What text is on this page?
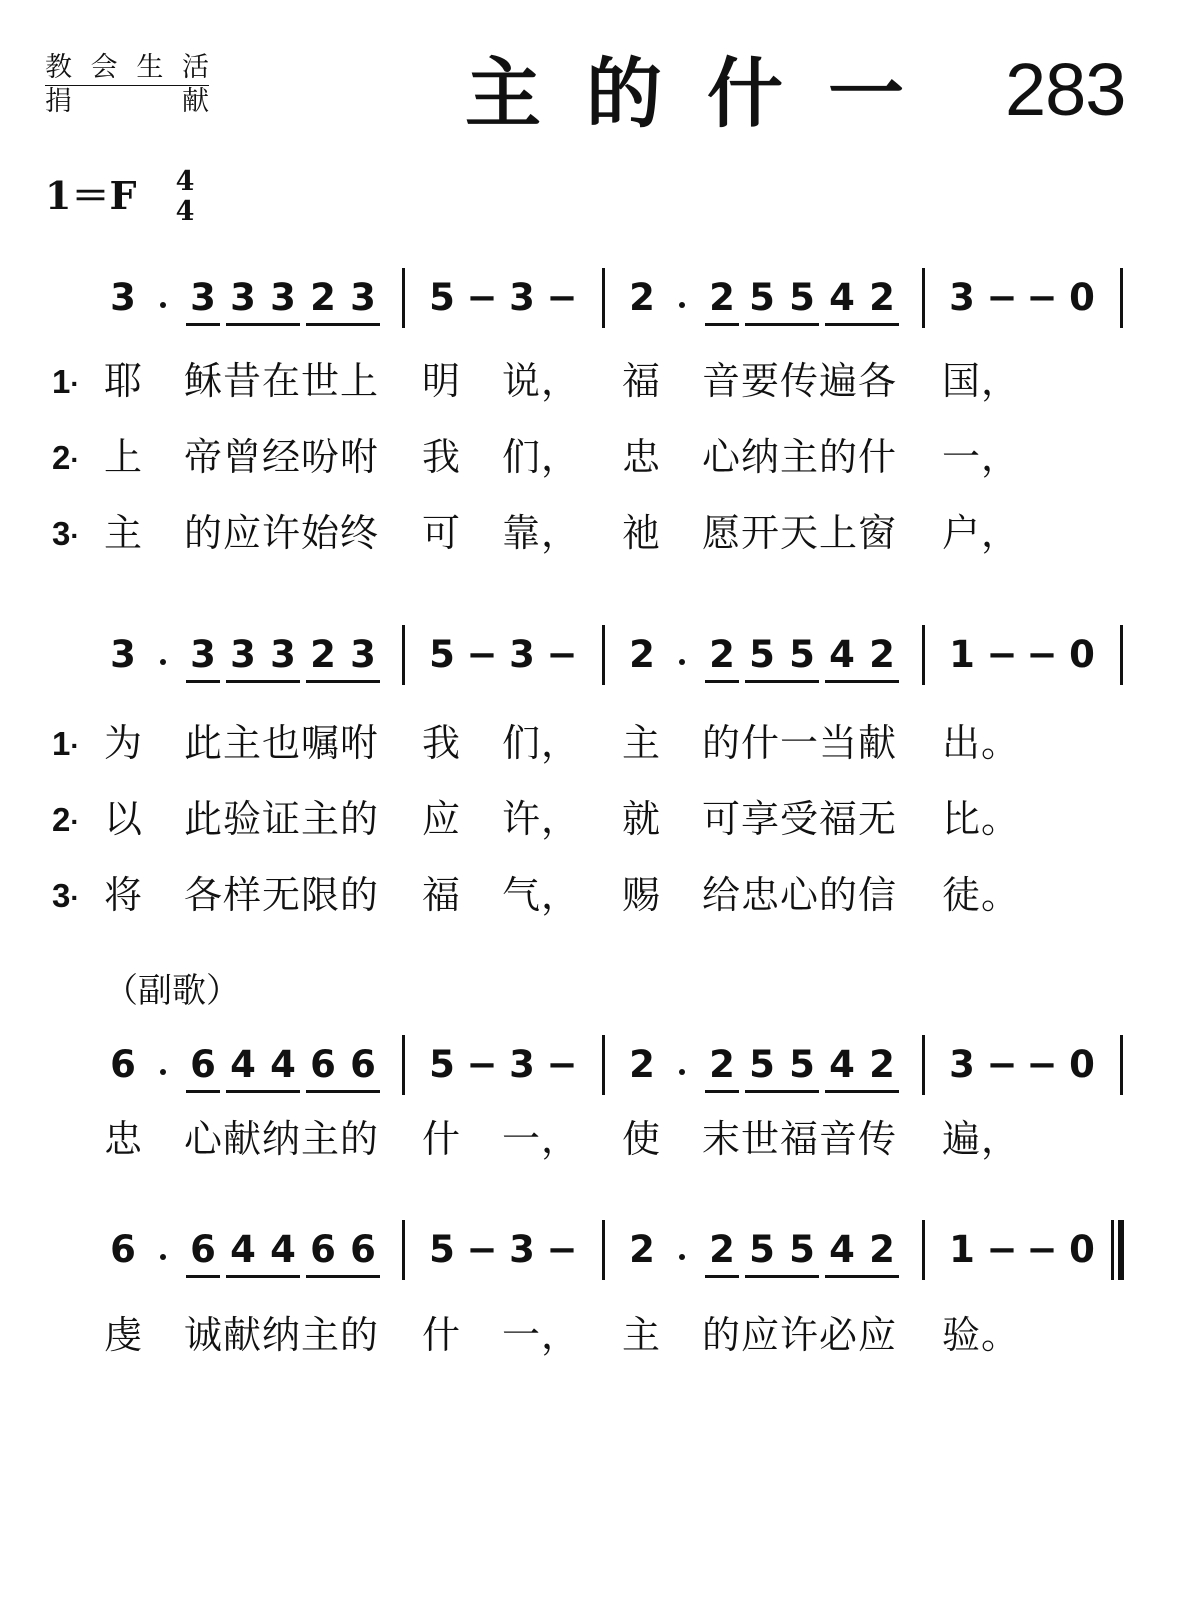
教 会 生 活
捐	献	主 的 什 一 283
1＝F 4
4
3 3 3 3 2 3 5 − 3 − 2 2 5 5 4 2 3 − − 0
1· 耶 稣昔在世上 明 说， 福 音要传遍各 国，
2· 上 帝曾经吩咐 我 们， 忠 心纳主的什 一，
3· 主 的应许始终 可 靠， 祂 愿开天上窗 户，
3 3 3 3 2 3 5 − 3 − 2 2 5 5 4 2 1 − − 0
1· 为 此主也嘱咐 我 们， 主 的什一当献 出。
2· 以 此验证主的 应 许， 就 可享受福无 比。
3· 将 各样无限的 福 气， 赐 给忠心的信 徒。
（副歌）
6 6 4 4 6 6 5 − 3 − 2 2 5 5 4 2 3 − − 0
忠 心献纳主的 什 一， 使 末世福音传 遍，
6 6 4 4 6 6 5 − 3 − 2 2 5 5 4 2 1 − − 0
虔 诚献纳主的 什 一， 主 的应许必应 验。
